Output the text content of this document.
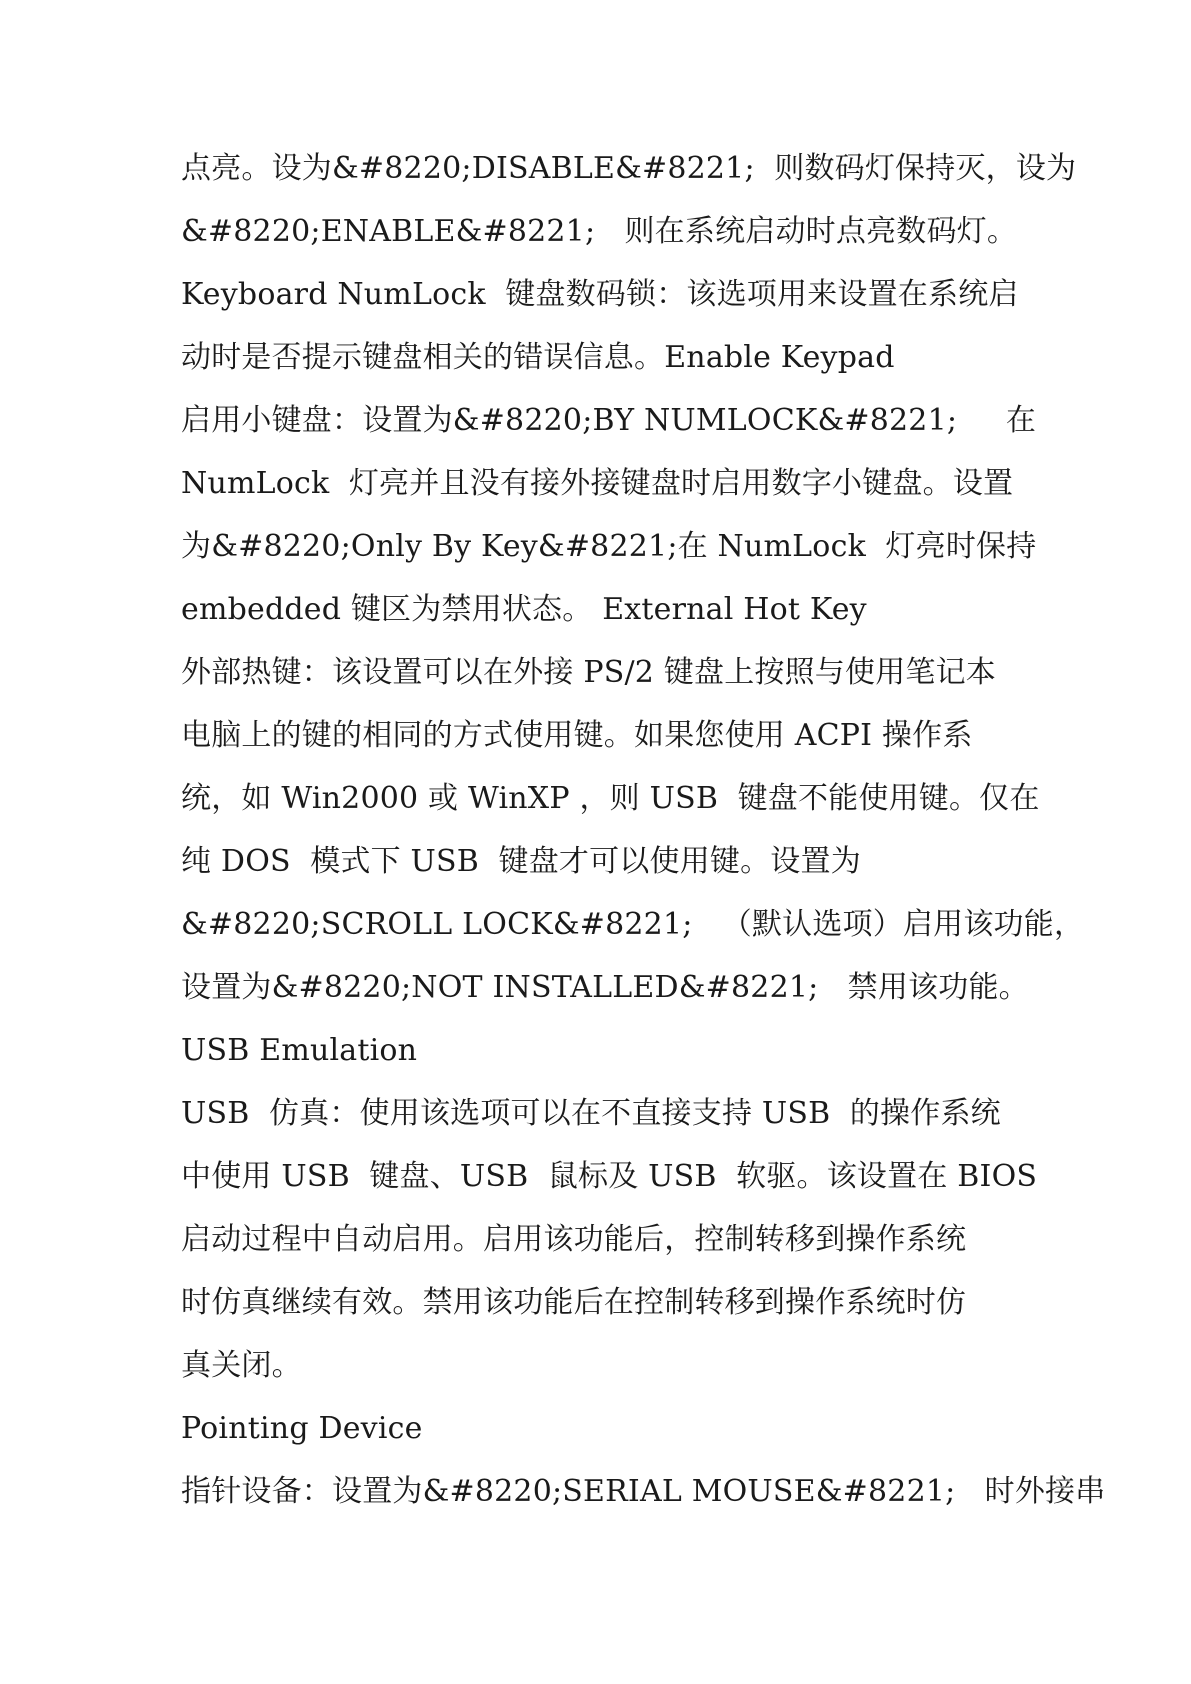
点亮。设为&#8220;DISABLE&#8221;  则数码灯保持灭，设为
&#8220;ENABLE&#8221;   则在系统启动时点亮数码灯。
Keyboard NumLock  键盘数码锁：该选项用来设置在系统启
动时是否提示键盘相关的错误信息。Enable Keypad
启用小键盘：设置为&#8220;BY NUMLOCK&#8221;     在
NumLock  灯亮并且没有接外接键盘时启用数字小键盘。设置
为&#8220;Only By Key&#8221;在 NumLock  灯亮时保持
embedded 键区为禁用状态。 External Hot Key
外部热键：该设置可以在外接 PS/2 键盘上按照与使用笔记本
电脑上的键的相同的方式使用键。如果您使用 ACPI 操作系
统，如 Win2000 或 WinXP ，则 USB  键盘不能使用键。仅在
纯 DOS  模式下 USB  键盘才可以使用键。设置为
&#8220;SCROLL LOCK&#8221;   （默认选项）启用该功能，
设置为&#8220;NOT INSTALLED&#8221;   禁用该功能。
USB Emulation
USB  仿真：使用该选项可以在不直接支持 USB  的操作系统
中使用 USB  键盘、USB  鼠标及 USB  软驱。该设置在 BIOS
启动过程中自动启用。启用该功能后，控制转移到操作系统
时仿真继续有效。禁用该功能后在控制转移到操作系统时仿
真关闭。
Pointing Device
指针设备：设置为&#8220;SERIAL MOUSE&#8221;   时外接串
